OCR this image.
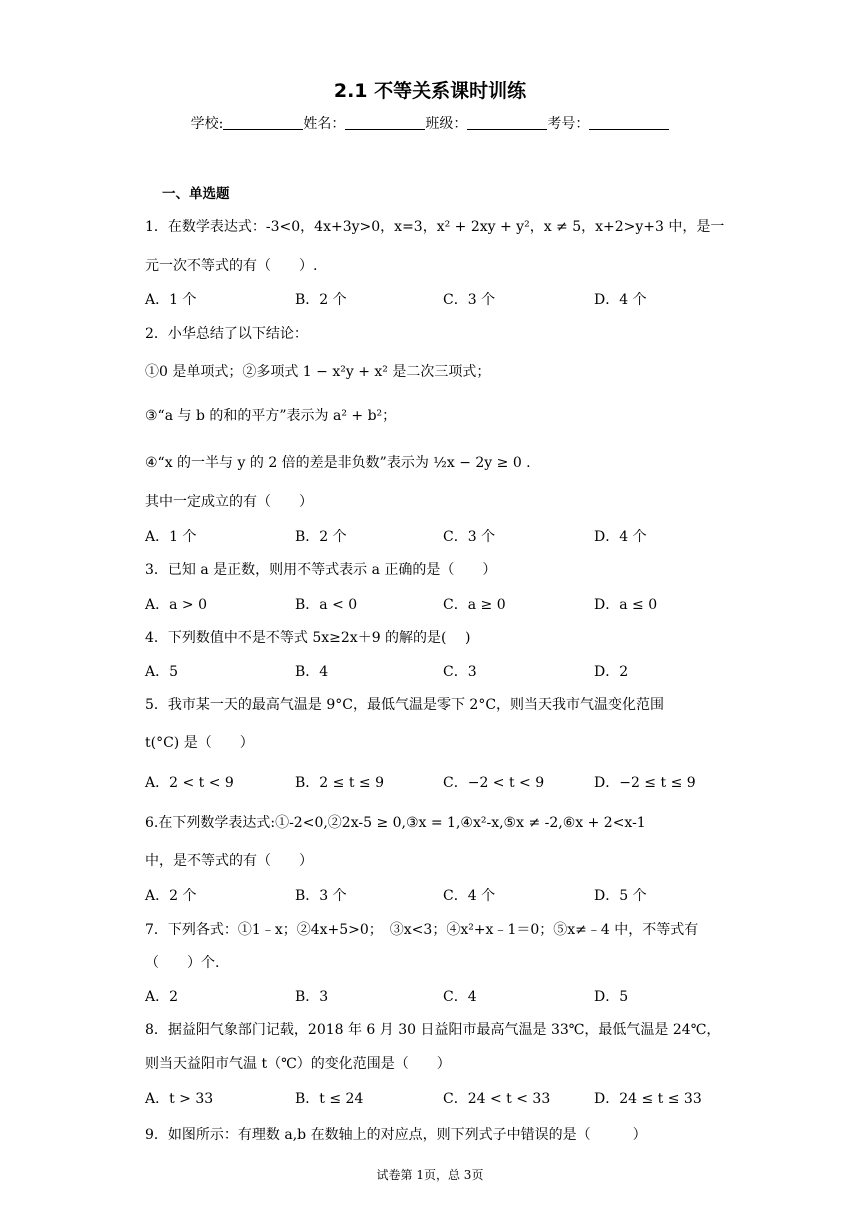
2.1 不等关系课时训练
学校:	姓名：	班级：	考号：
一、单选题
1．在数学表达式：-3<0，4x+3y>0，x=3，x² + 2xy + y²，x ≠ 5，x+2>y+3 中，是一
元一次不等式的有（　　）.
A．1 个	B．2 个	C．3 个	D．4 个
2．小华总结了以下结论：
①0 是单项式；②多项式 1 − x²y + x² 是二次三项式；
③“a 与 b 的和的平方”表示为 a² + b²；
④“x 的一半与 y 的 2 倍的差是非负数”表示为 ½x − 2y ≥ 0 .
其中一定成立的有（　　）
A．1 个	B．2 个	C．3 个	D．4 个
3．已知 a 是正数，则用不等式表示 a 正确的是（　　）
A．a > 0	B．a < 0	C．a ≥ 0	D．a ≤ 0
4．下列数值中不是不等式 5x≥2x＋9 的解的是(　 )
A．5	B．4	C．3	D．2
5．我市某一天的最高气温是 9°C，最低气温是零下 2°C，则当天我市气温变化范围
t(°C) 是（　　）
A．2 < t < 9	B．2 ≤ t ≤ 9	C．−2 < t < 9	D．−2 ≤ t ≤ 9
6.在下列数学表达式:①-2<0,②2x-5 ≥ 0,③x = 1,④x²-x,⑤x ≠ -2,⑥x + 2<x-1
中，是不等式的有（　　）
A．2 个	B．3 个	C．4 个	D．5 个
7．下列各式：①1﹣x；②4x+5>0；　③x<3；④x²+x﹣1＝0；⑤x≠﹣4 中，不等式有
（　　）个.
A．2	B．3	C．4	D．5
8．据益阳气象部门记载，2018 年 6 月 30 日益阳市最高气温是 33℃，最低气温是 24℃，
则当天益阳市气温 t（℃）的变化范围是（　　）
A．t > 33	B．t ≤ 24	C．24 < t < 33	D．24 ≤ t ≤ 33
9．如图所示：有理数 a,b 在数轴上的对应点，则下列式子中错误的是（　　　）
试卷第 1页，总 3页
